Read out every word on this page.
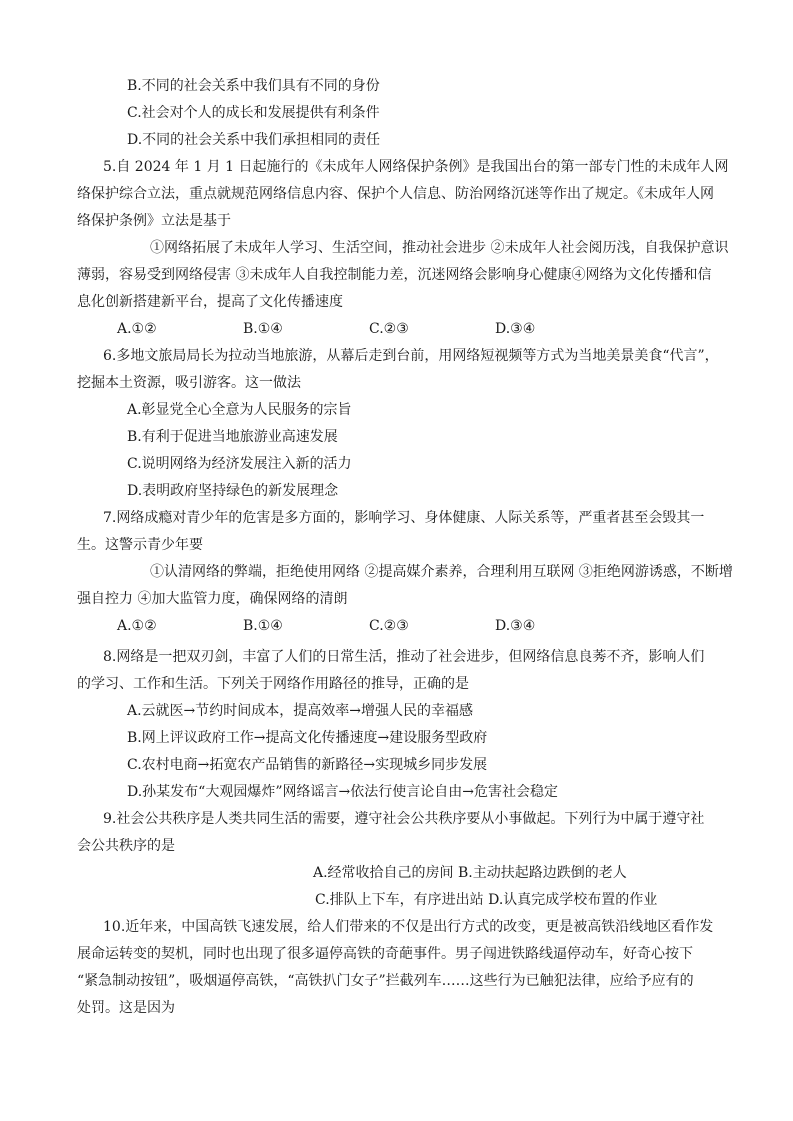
B.不同的社会关系中我们具有不同的身份
C.社会对个人的成长和发展提供有利条件
D.不同的社会关系中我们承担相同的责任
5.自 2024 年 1 月 1 日起施行的《未成年人网络保护条例》是我国出台的第一部专门性的未成年人网
络保护综合立法，重点就规范网络信息内容、保护个人信息、防治网络沉迷等作出了规定。《未成年人网
络保护条例》立法是基于
①网络拓展了未成年人学习、生活空间，推动社会进步 ②未成年人社会阅历浅，自我保护意识
薄弱，容易受到网络侵害 ③未成年人自我控制能力差，沉迷网络会影响身心健康④网络为文化传播和信
息化创新搭建新平台，提高了文化传播速度
A.①②	B.①④	C.②③	D.③④
6.多地文旅局局长为拉动当地旅游，从幕后走到台前，用网络短视频等方式为当地美景美食“代言”，
挖掘本土资源，吸引游客。这一做法
A.彰显党全心全意为人民服务的宗旨
B.有利于促进当地旅游业高速发展
C.说明网络为经济发展注入新的活力
D.表明政府坚持绿色的新发展理念
7.网络成瘾对青少年的危害是多方面的，影响学习、身体健康、人际关系等，严重者甚至会毁其一
生。这警示青少年要
①认清网络的弊端，拒绝使用网络 ②提高媒介素养，合理利用互联网 ③拒绝网游诱惑，不断增
强自控力 ④加大监管力度，确保网络的清朗
A.①②	B.①④	C.②③	D.③④
8.网络是一把双刃剑，丰富了人们的日常生活，推动了社会进步，但网络信息良莠不齐，影响人们
的学习、工作和生活。下列关于网络作用路径的推导，正确的是
A.云就医→节约时间成本，提高效率→增强人民的幸福感
B.网上评议政府工作→提高文化传播速度→建设服务型政府
C.农村电商→拓宽农产品销售的新路径→实现城乡同步发展
D.孙某发布“大观园爆炸”网络谣言→依法行使言论自由→危害社会稳定
9.社会公共秩序是人类共同生活的需要，遵守社会公共秩序要从小事做起。下列行为中属于遵守社
会公共秩序的是
A.经常收拾自己的房间 B.主动扶起路边跌倒的老人
C.排队上下车，有序进出站 D.认真完成学校布置的作业
10.近年来，中国高铁飞速发展，给人们带来的不仅是出行方式的改变，更是被高铁沿线地区看作发
展命运转变的契机，同时也出现了很多逼停高铁的奇葩事件。男子闯进铁路线逼停动车，好奇心按下
“紧急制动按钮”，吸烟逼停高铁，“高铁扒门女子”拦截列车……这些行为已触犯法律，应给予应有的
处罚。这是因为
